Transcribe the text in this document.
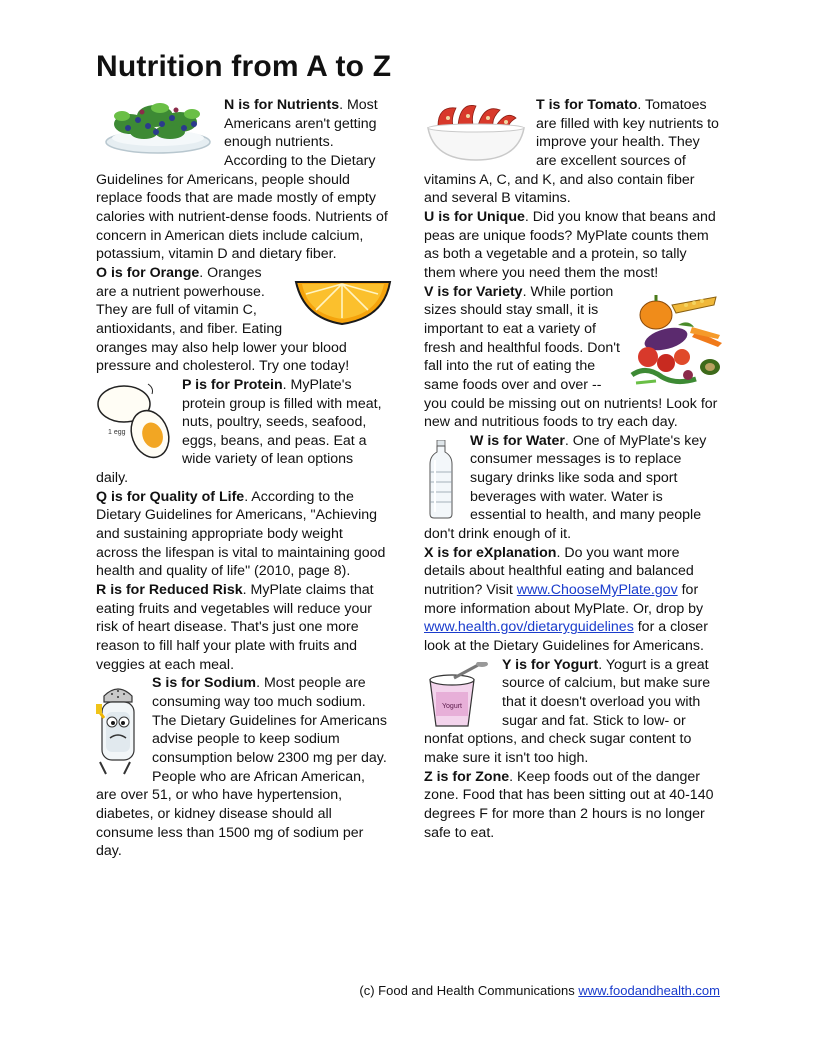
Nutrition from A to Z

N is for Nutrients. Most Americans aren't getting enough nutrients. According to the Dietary Guidelines for Americans, people should replace foods that are made mostly of empty calories with nutrient-dense foods. Nutrients of concern in American diets include calcium, potassium, vitamin D and dietary fiber.

O is for Orange. Oranges are a nutrient powerhouse. They are full of vitamin C, antioxidants, and fiber. Eating oranges may also help lower your blood pressure and cholesterol. Try one today!

1 egg

P is for Protein. MyPlate's protein group is filled with meat, nuts, poultry, seeds, seafood, eggs, beans, and peas. Eat a wide variety of lean options daily.

Q is for Quality of Life. According to the Dietary Guidelines for Americans, "Achieving and sustaining appropriate body weight across the lifespan is vital to maintaining good health and quality of life" (2010, page 8).

R is for Reduced Risk. MyPlate claims that eating fruits and vegetables will reduce your risk of heart disease. That's just one more reason to fill half your plate with fruits and veggies at each meal.

S is for Sodium. Most people are consuming way too much sodium. The Dietary Guidelines for Americans advise people to keep sodium consumption below 2300 mg per day. People who are African American, are over 51, or who have hypertension, diabetes, or kidney disease should all consume less than 1500 mg of sodium per day.

T is for Tomato. Tomatoes are filled with key nutrients to improve your health. They are excellent sources of vitamins A, C, and K, and also contain fiber and several B vitamins.

U is for Unique. Did you know that beans and peas are unique foods? MyPlate counts them as both a vegetable and a protein, so tally them where you need them the most!

V is for Variety. While portion sizes should stay small, it is important to eat a variety of fresh and healthful foods. Don't fall into the rut of eating the same foods over and over -- you could be missing out on nutrients! Look for new and nutritious foods to try each day.

W is for Water. One of MyPlate's key consumer messages is to replace sugary drinks like soda and sport beverages with water. Water is essential to health, and many people don't drink enough of it.

X is for eXplanation. Do you want more details about healthful eating and balanced nutrition? Visit www.ChooseMyPlate.gov for more information about MyPlate. Or, drop by www.health.gov/dietaryguidelines for a closer look at the Dietary Guidelines for Americans.

Yogurt

Y is for Yogurt. Yogurt is a great source of calcium, but make sure that it doesn't overload you with sugar and fat. Stick to low- or nonfat options, and check sugar content to make sure it isn't too high.

Z is for Zone. Keep foods out of the danger zone. Food that has been sitting out at 40-140 degrees F for more than 2 hours is no longer safe to eat.

(c) Food and Health Communications www.foodandhealth.com
